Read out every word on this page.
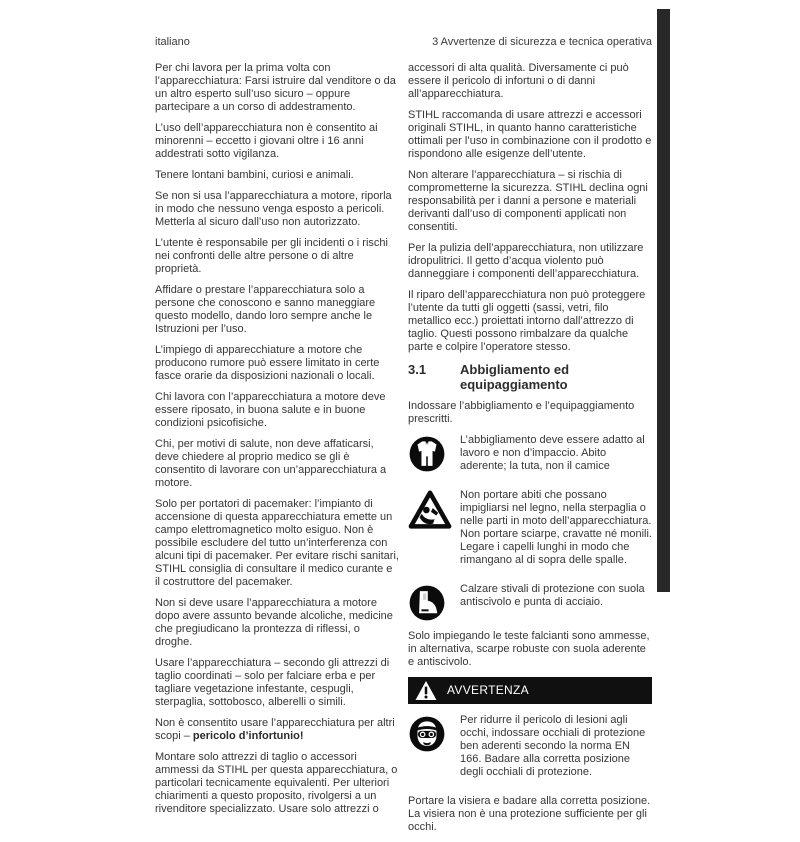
italiano	3 Avvertenze di sicurezza e tecnica operativa

Per chi lavora per la prima volta con l’apparecchiatura: Farsi istruire dal venditore o da un altro esperto sull’uso sicuro – oppure partecipare a un corso di addestramento.

L’uso dell’apparecchiatura non è consentito ai minorenni – eccetto i giovani oltre i 16 anni addestrati sotto vigilanza.

Tenere lontani bambini, curiosi e animali.

Se non si usa l’apparecchiatura a motore, riporla in modo che nessuno venga esposto a pericoli. Metterla al sicuro dall’uso non autorizzato.

L’utente è responsabile per gli incidenti o i rischi nei confronti delle altre persone o di altre proprietà.

Affidare o prestare l’apparecchiatura solo a persone che conoscono e sanno maneggiare questo modello, dando loro sempre anche le Istruzioni per l’uso.

L’impiego di apparecchiature a motore che producono rumore può essere limitato in certe fasce orarie da disposizioni nazionali o locali.

Chi lavora con l’apparecchiatura a motore deve essere riposato, in buona salute e in buone condizioni psicofisiche.

Chi, per motivi di salute, non deve affaticarsi, deve chiedere al proprio medico se gli è consentito di lavorare con un’apparecchiatura a motore.

Solo per portatori di pacemaker: l’impianto di accensione di questa apparecchiatura emette un campo elettromagnetico molto esiguo. Non è possibile escludere del tutto un’interferenza con alcuni tipi di pacemaker. Per evitare rischi sanitari, STIHL consiglia di consultare il medico curante e il costruttore del pacemaker.

Non si deve usare l’apparecchiatura a motore dopo avere assunto bevande alcoliche, medicine che pregiudicano la prontezza di riflessi, o droghe.

Usare l’apparecchiatura – secondo gli attrezzi di taglio coordinati – solo per falciare erba e per tagliare vegetazione infestante, cespugli, sterpaglia, sottobosco, alberelli o simili.

Non è consentito usare l’apparecchiatura per altri scopi – pericolo d’infortunio!

Montare solo attrezzi di taglio o accessori ammessi da STIHL per questa apparecchiatura, o particolari tecnicamente equivalenti. Per ulteriori chiarimenti a questo proposito, rivolgersi a un rivenditore specializzato. Usare solo attrezzi o

accessori di alta qualità. Diversamente ci può essere il pericolo di infortuni o di danni all’apparecchiatura.

STIHL raccomanda di usare attrezzi e accessori originali STIHL, in quanto hanno caratteristiche ottimali per l’uso in combinazione con il prodotto e rispondono alle esigenze dell’utente.

Non alterare l’apparecchiatura – si rischia di comprometterne la sicurezza. STIHL declina ogni responsabilità per i danni a persone e materiali derivanti dall’uso di componenti applicati non consentiti.

Per la pulizia dell’apparecchiatura, non utilizzare idropulitrici. Il getto d’acqua violento può danneggiare i componenti dell’apparecchiatura.

Il riparo dell’apparecchiatura non può proteggere l’utente da tutti gli oggetti (sassi, vetri, filo metallico ecc.) proiettati intorno dall’attrezzo di taglio. Questi possono rimbalzare da qualche parte e colpire l’operatore stesso.

3.1	Abbigliamento ed equipaggiamento

Indossare l’abbigliamento e l’equipaggiamento prescritti.

L’abbigliamento deve essere adatto al lavoro e non d’impaccio. Abito aderente; la tuta, non il camice

Non portare abiti che possano impigliarsi nel legno, nella sterpaglia o nelle parti in moto dell’apparecchiatura. Non portare sciarpe, cravatte né monili. Legare i capelli lunghi in modo che rimangano al di sopra delle spalle.

Calzare stivali di protezione con suola antiscivolo e punta di acciaio.

Solo impiegando le teste falcianti sono ammesse, in alternativa, scarpe robuste con suola aderente e antiscivolo.

AVVERTENZA

Per ridurre il pericolo di lesioni agli occhi, indossare occhiali di protezione ben aderenti secondo la norma EN 166. Badare alla corretta posizione degli occhiali di protezione.

Portare la visiera e badare alla corretta posizione. La visiera non è una protezione sufficiente per gli occhi.
